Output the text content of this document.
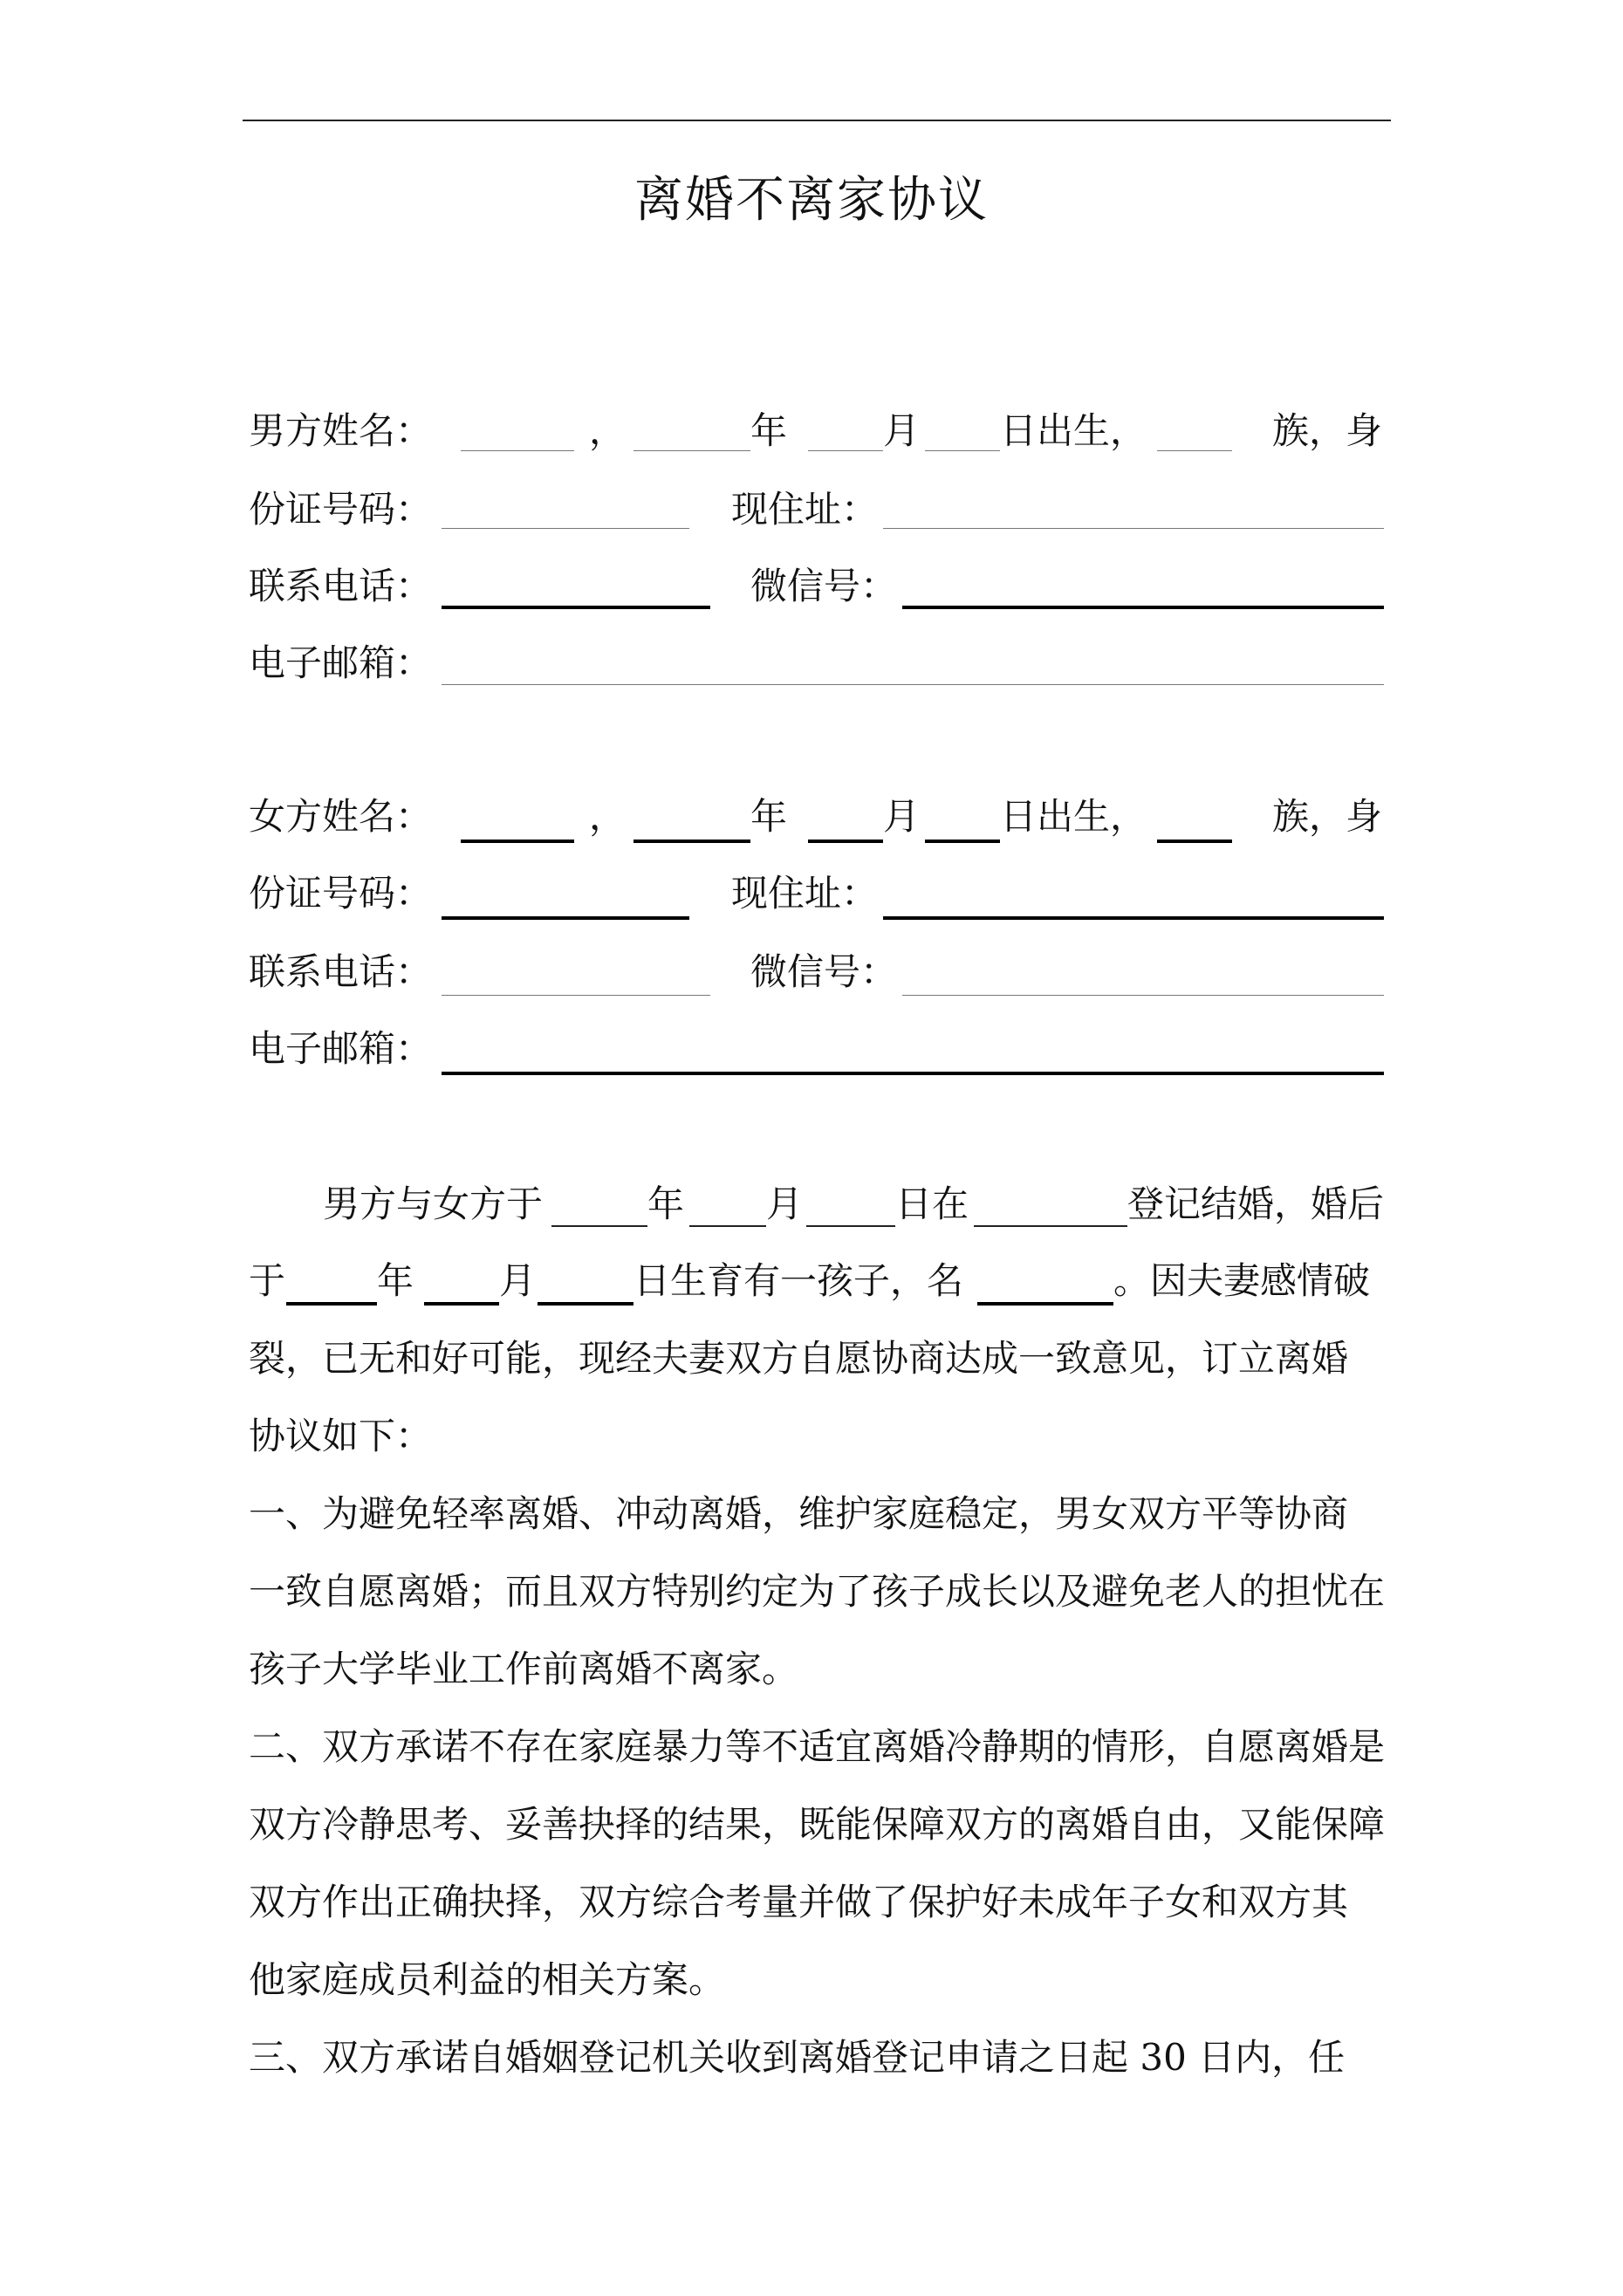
离婚不离家协议
男方姓名：	，	年	月 日出生，	族，身
份证号码：	现住址：
联系电话：	微信号：
电子邮箱：
女方姓名：	，	年	月 日出生，	族，身
份证号码：	现住址：
联系电话：	微信号：
电子邮箱：
男方与女方于	年 月	日在	登记结婚，婚后
于 年 月	日生育有一孩子，名	。因夫妻感情破
裂，已无和好可能，现经夫妻双方自愿协商达成一致意见，订立离婚
协议如下：
一、为避免轻率离婚、冲动离婚，维护家庭稳定，男女双方平等协商
一致自愿离婚；而且双方特别约定为了孩子成长以及避免老人的担忧在
孩子大学毕业工作前离婚不离家。
二、双方承诺不存在家庭暴力等不适宜离婚冷静期的情形，自愿离婚是
双方冷静思考、妥善抉择的结果，既能保障双方的离婚自由，又能保障
双方作出正确抉择，双方综合考量并做了保护好未成年子女和双方其
他家庭成员利益的相关方案。
三、双方承诺自婚姻登记机关收到离婚登记申请之日起 30 日内，任
